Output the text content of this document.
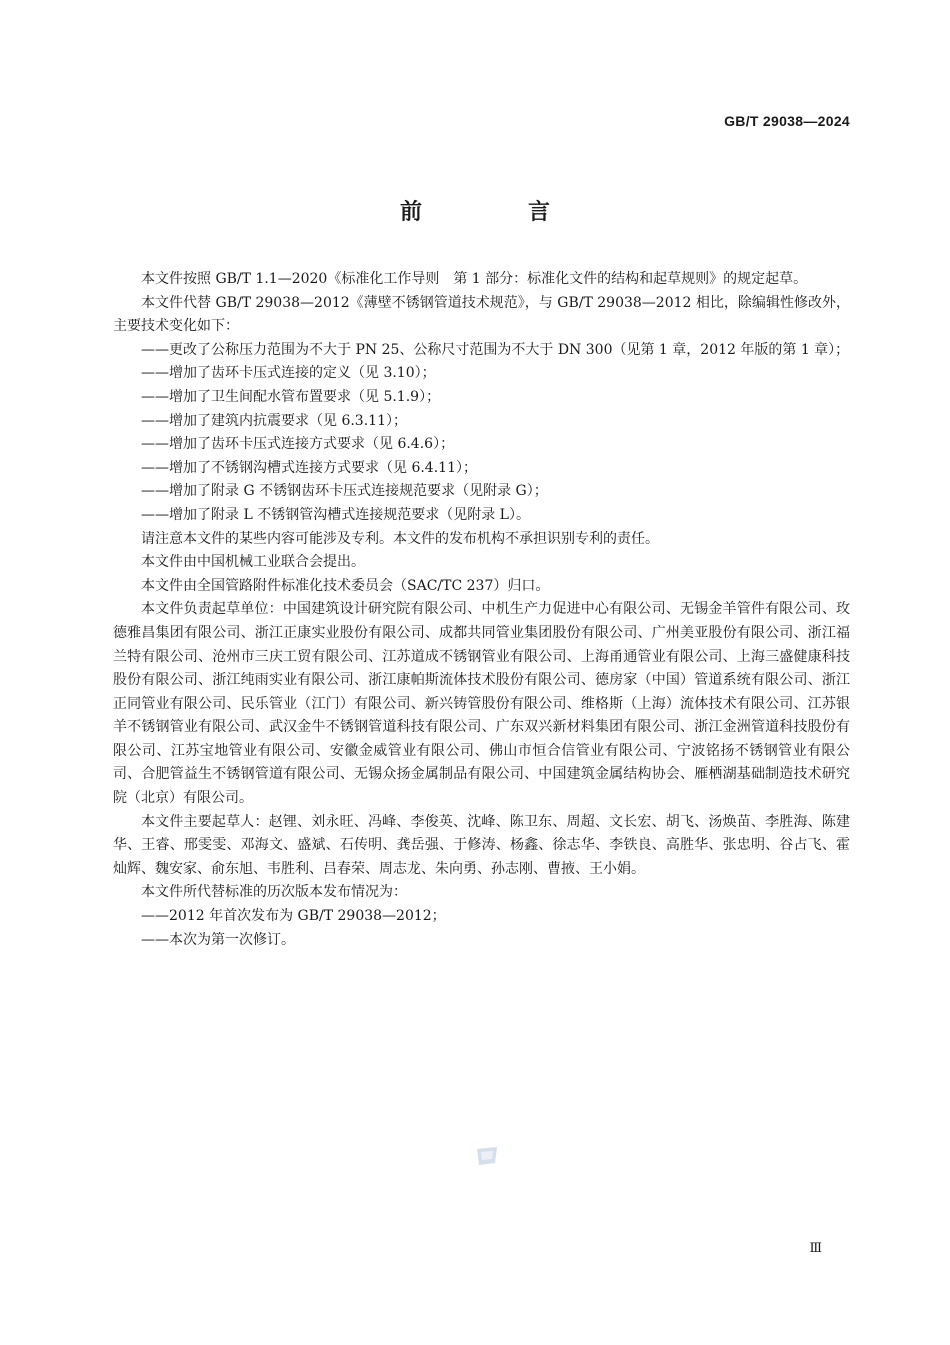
GB/T 29038—2024
前　言

本文件按照 GB/T 1.1—2020《标准化工作导则　第 1 部分：标准化文件的结构和起草规则》的规定起草。

本文件代替 GB/T 29038—2012《薄壁不锈钢管道技术规范》，与 GB/T 29038—2012 相比，除编辑性修改外，主要技术变化如下：

——更改了公称压力范围为不大于 PN 25、公称尺寸范围为不大于 DN 300（见第 1 章，2012 年版的第 1 章）；

——增加了齿环卡压式连接的定义（见 3.10）；

——增加了卫生间配水管布置要求（见 5.1.9）；

——增加了建筑内抗震要求（见 6.3.11）；

——增加了齿环卡压式连接方式要求（见 6.4.6）；

——增加了不锈钢沟槽式连接方式要求（见 6.4.11）；

——增加了附录 G 不锈钢齿环卡压式连接规范要求（见附录 G）；

——增加了附录 L 不锈钢管沟槽式连接规范要求（见附录 L）。

请注意本文件的某些内容可能涉及专利。本文件的发布机构不承担识别专利的责任。

本文件由中国机械工业联合会提出。

本文件由全国管路附件标准化技术委员会（SAC/TC 237）归口。

本文件负责起草单位：中国建筑设计研究院有限公司、中机生产力促进中心有限公司、无锡金羊管件有限公司、玫德雅昌集团有限公司、浙江正康实业股份有限公司、成都共同管业集团股份有限公司、广州美亚股份有限公司、浙江福兰特有限公司、沧州市三庆工贸有限公司、江苏道成不锈钢管业有限公司、上海甬通管业有限公司、上海三盛健康科技股份有限公司、浙江纯雨实业有限公司、浙江康帕斯流体技术股份有限公司、德房家（中国）管道系统有限公司、浙江正同管业有限公司、民乐管业（江门）有限公司、新兴铸管股份有限公司、维格斯（上海）流体技术有限公司、江苏银羊不锈钢管业有限公司、武汉金牛不锈钢管道科技有限公司、广东双兴新材料集团有限公司、浙江金洲管道科技股份有限公司、江苏宝地管业有限公司、安徽金威管业有限公司、佛山市恒合信管业有限公司、宁波铭扬不锈钢管业有限公司、合肥管益生不锈钢管道有限公司、无锡众扬金属制品有限公司、中国建筑金属结构协会、雁栖湖基础制造技术研究院（北京）有限公司。

本文件主要起草人：赵锂、刘永旺、冯峰、李俊英、沈峰、陈卫东、周超、文长宏、胡飞、汤焕苗、李胜海、陈建华、王睿、邢雯雯、邓海文、盛斌、石传明、龚岳强、于修涛、杨鑫、徐志华、李铁良、高胜华、张忠明、谷占飞、霍灿辉、魏安家、俞东旭、韦胜利、吕春荣、周志龙、朱向勇、孙志刚、曹掖、王小娟。

本文件所代替标准的历次版本发布情况为：

——2012 年首次发布为 GB/T 29038—2012；

——本次为第一次修订。

Ⅲ
